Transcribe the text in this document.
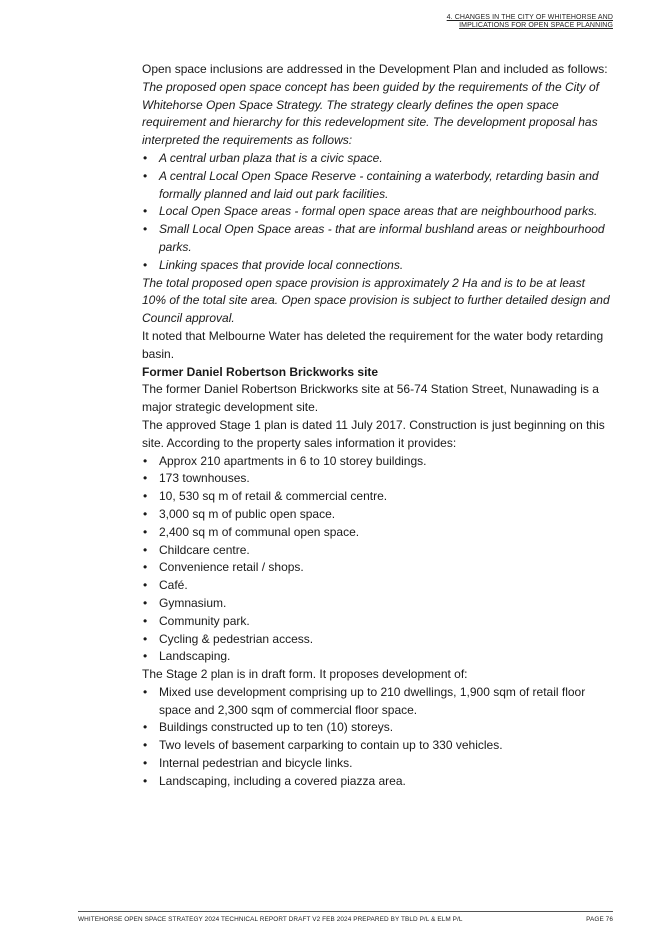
4. CHANGES IN THE CITY OF WHITEHORSE AND
IMPLICATIONS FOR OPEN SPACE PLANNING

Open space inclusions are addressed in the Development Plan and included as follows:

The proposed open space concept has been guided by the requirements of the City of Whitehorse Open Space Strategy. The strategy clearly defines the open space requirement and hierarchy for this redevelopment site. The development proposal has interpreted the requirements as follows:

• A central urban plaza that is a civic space.
• A central Local Open Space Reserve - containing a waterbody, retarding basin and formally planned and laid out park facilities.
• Local Open Space areas - formal open space areas that are neighbourhood parks.
• Small Local Open Space areas - that are informal bushland areas or neighbourhood parks.
• Linking spaces that provide local connections.

The total proposed open space provision is approximately 2 Ha and is to be at least 10% of the total site area. Open space provision is subject to further detailed design and Council approval.

It noted that Melbourne Water has deleted the requirement for the water body retarding basin.

Former Daniel Robertson Brickworks site

The former Daniel Robertson Brickworks site at 56-74 Station Street, Nunawading is a major strategic development site.

The approved Stage 1 plan is dated 11 July 2017. Construction is just beginning on this site. According to the property sales information it provides:

• Approx 210 apartments in 6 to 10 storey buildings.
• 173 townhouses.
• 10, 530 sq m of retail & commercial centre.
• 3,000 sq m of public open space.
• 2,400 sq m of communal open space.
• Childcare centre.
• Convenience retail / shops.
• Café.
• Gymnasium.
• Community park.
• Cycling & pedestrian access.
• Landscaping.

The Stage 2 plan is in draft form. It proposes development of:

• Mixed use development comprising up to 210 dwellings, 1,900 sqm of retail floor space and 2,300 sqm of commercial floor space.
• Buildings constructed up to ten (10) storeys.
• Two levels of basement carparking to contain up to 330 vehicles.
• Internal pedestrian and bicycle links.
• Landscaping, including a covered piazza area.
WHITEHORSE OPEN SPACE STRATEGY 2024 TECHNICAL REPORT DRAFT V2 FEB 2024 PREPARED BY TBLD P/L & ELM P/L	PAGE 76
